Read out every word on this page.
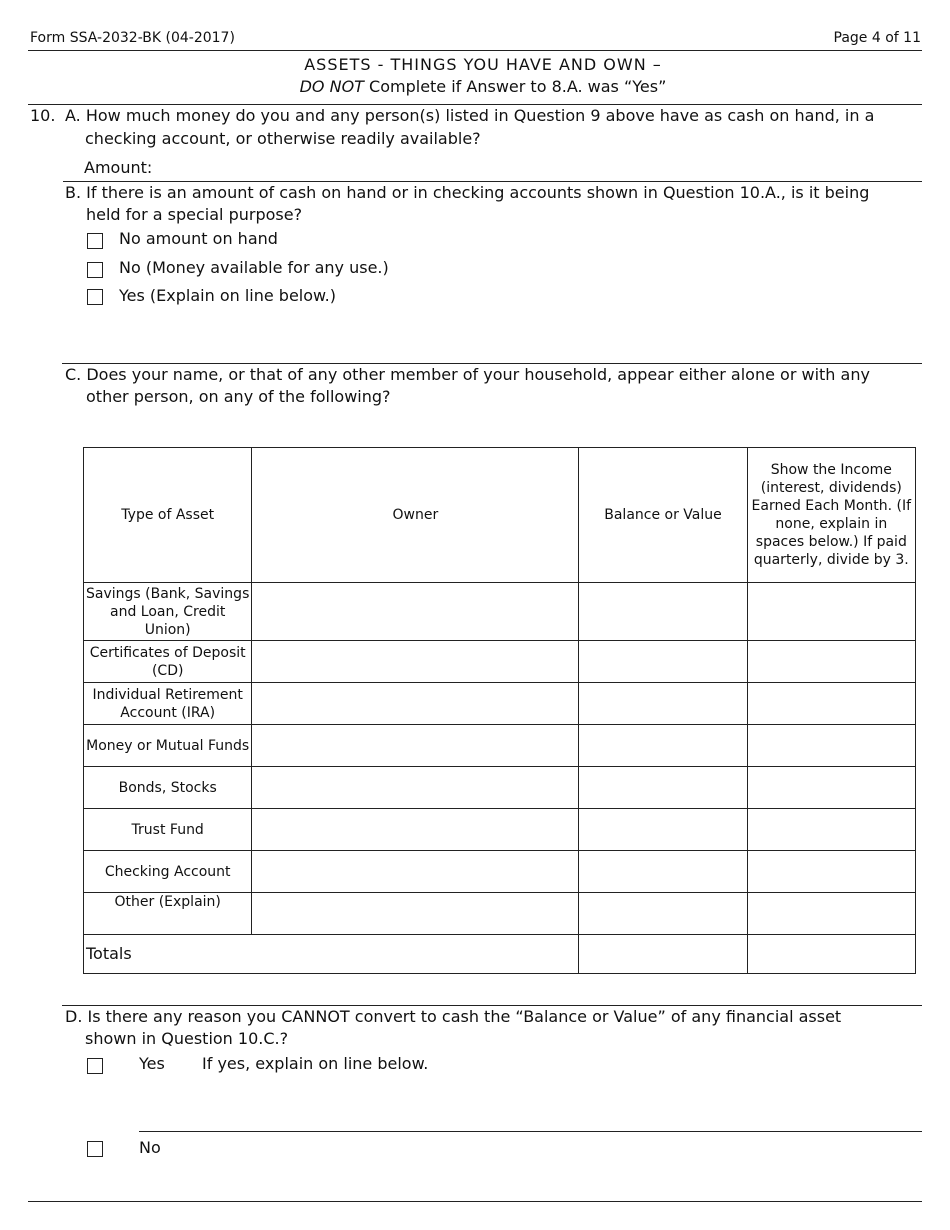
Form SSA-2032-BK (04-2017)	Page 4 of 11
ASSETS - THINGS YOU HAVE AND OWN –
DO NOT Complete if Answer to 8.A. was “Yes”
10. A. How much money do you and any person(s) listed in Question 9 above have as cash on hand, in a
checking account, or otherwise readily available?
Amount:
B. If there is an amount of cash on hand or in checking accounts shown in Question 10.A., is it being
held for a special purpose?
No amount on hand
No (Money available for any use.)
Yes (Explain on line below.)
C. Does your name, or that of any other member of your household, appear either alone or with any
other person, on any of the following?
Type of Asset	Owner	Balance or Value	Show the Income (interest, dividends) Earned Each Month. (If none, explain in spaces below.) If paid quarterly, divide by 3.
Savings (Bank, Savings and Loan, Credit Union)			
Certificates of Deposit (CD)			
Individual Retirement Account (IRA)			
Money or Mutual Funds			
Bonds, Stocks			
Trust Fund			
Checking Account			
Other (Explain)			
Totals			
D. Is there any reason you CANNOT convert to cash the “Balance or Value” of any financial asset
shown in Question 10.C.?
Yes If yes, explain on line below.
No
